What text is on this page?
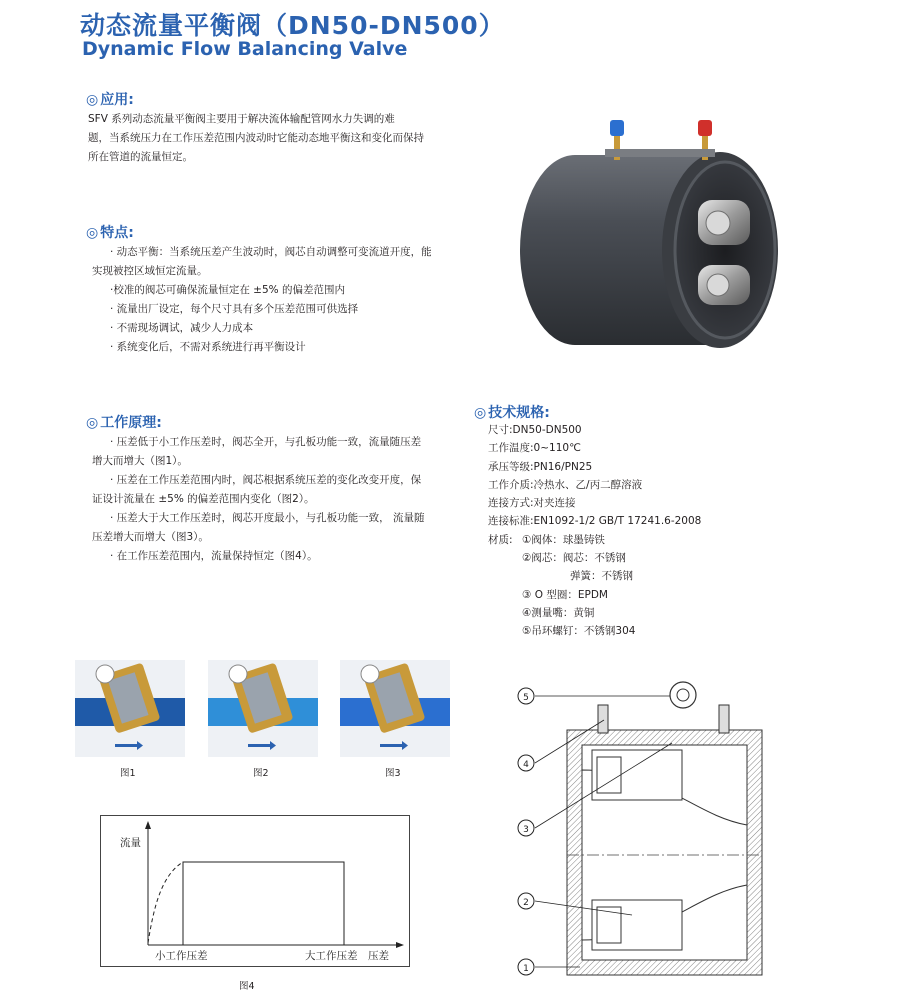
动态流量平衡阀（DN50-DN500）
Dynamic Flow Balancing Valve
◎ 应用:
SFV 系列动态流量平衡阀主要用于解决流体输配管网水力失调的难
题，当系统压力在工作压差范围内波动时它能动态地平衡这和变化而保持
所在管道的流量恒定。
◎ 特点:
· 动态平衡：当系统压差产生波动时，阀芯自动调整可变流道开度，能
实现被控区域恒定流量。
·校准的阀芯可确保流量恒定在 ±5% 的偏差范围内
· 流量出厂设定，每个尺寸具有多个压差范围可供选择
· 不需现场调试，减少人力成本
· 系统变化后，不需对系统进行再平衡设计
◎ 工作原理:
· 压差低于小工作压差时，阀芯全开，与孔板功能一致，流量随压差
增大而增大（图1）。
· 压差在工作压差范围内时，阀芯根据系统压差的变化改变开度，保
证设计流量在 ±5% 的偏差范围内变化（图2）。
· 压差大于大工作压差时，阀芯开度最小，与孔板功能一致， 流量随
压差增大而增大（图3）。
· 在工作压差范围内，流量保持恒定（图4）。
◎ 技术规格:
尺寸:DN50-DN500
工作温度:0~110℃
承压等级:PN16/PN25
工作介质:冷热水、乙/丙二醇溶液
连接方式:对夹连接
连接标准:EN1092-1/2 GB/T 17241.6-2008
材质: ①阀体：球墨铸铁
②阀芯：阀芯：不锈钢
弹簧：不锈钢
③ O 型圈：EPDM
④测量嘴：黄铜
⑤吊环螺钉：不锈钢304
图1	图2	图3
流量
压差
小工作压差	大工作压差
图4
5
4
3
2
1
